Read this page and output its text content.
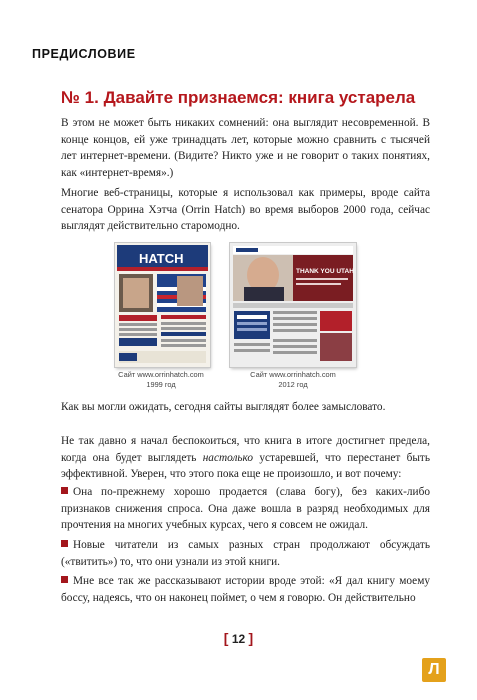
ПРЕДИСЛОВИЕ
№ 1. Давайте признаемся: книга устарела

В этом не может быть никаких сомнений: она выглядит несовременной. В конце концов, ей уже тринадцать лет, которые можно сравнить с тысячей лет интернет-времени. (Видите? Никто уже и не говорит о таких понятиях, как «интернет-время».)

Многие веб-страницы, которые я использовал как примеры, вроде сайта сенатора Оррина Хэтча (Orrin Hatch) во время выборов 2000 года, сейчас выглядят действительно старомодно.

HATCH
THANK YOU UTAH
Сайт www.orrinhatch.com
1999 год
Сайт www.orrinhatch.com
2012 год

Как вы могли ожидать, сегодня сайты выглядят более замысловато.

Не так давно я начал беспокоиться, что книга в итоге достигнет предела, когда она будет выглядеть настолько устаревшей, что перестанет быть эффективной. Уверен, что этого пока еще не произошло, и вот почему:

Она по-прежнему хорошо продается (слава богу), без каких-либо признаков снижения спроса. Она даже вошла в разряд необходимых для прочтения на многих учебных курсах, чего я совсем не ожидал.
Новые читатели из самых разных стран продолжают обсуждать («твитить») то, что они узнали из этой книги.
Мне все так же рассказывают истории вроде этой: «Я дал книгу моему боссу, надеясь, что он наконец поймет, о чем я говорю. Он действительно
[ 12 ]
Л
